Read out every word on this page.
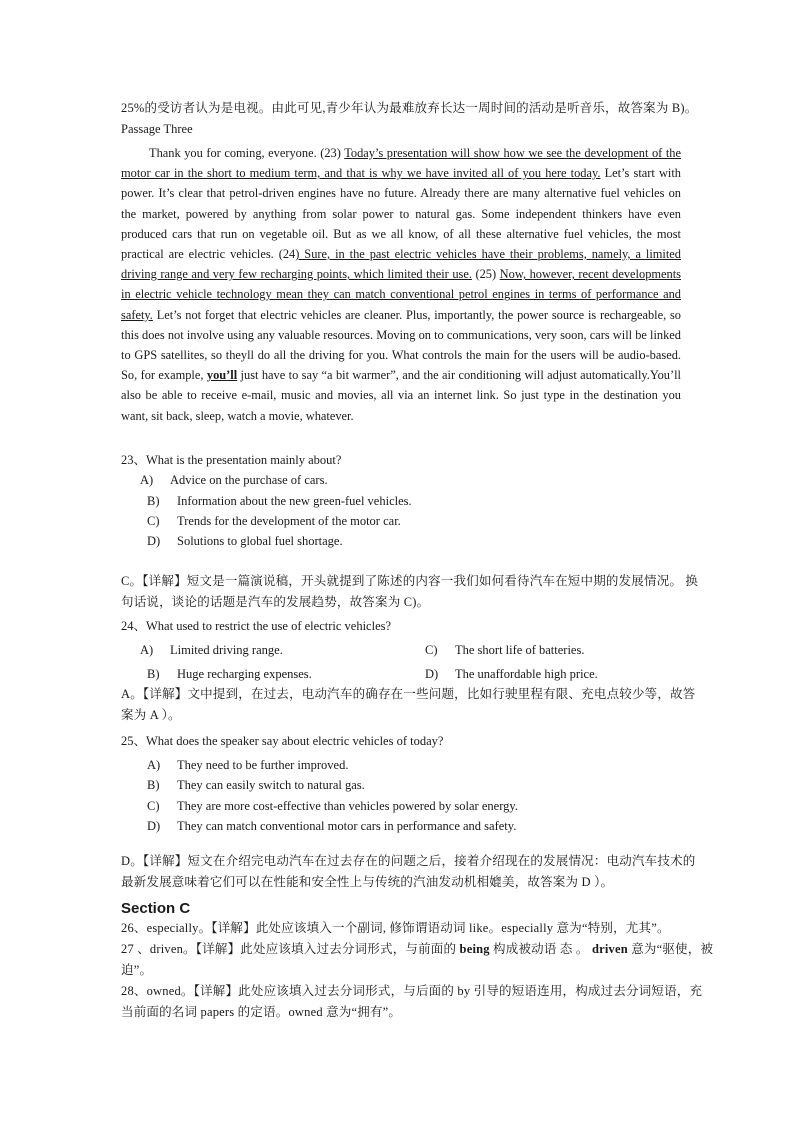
25%的受访者认为是电视。由此可见,青少年认为最难放弃长达一周时间的活动是听音乐，故答案为 B)。
Passage Three
Thank you for coming, everyone. (23) Today’s presentation will show how we see the development of the motor car in the short to medium term, and that is why we have invited all of you here today. Let’s start with power. It’s clear that petrol-driven engines have no future. Already there are many alternative fuel vehicles on the market, powered by anything from solar power to natural gas. Some independent thinkers have even produced cars that run on vegetable oil. But as we all know, of all these alternative fuel vehicles, the most practical are electric vehicles. (24) Sure, in the past electric vehicles have their problems, namely, a limited driving range and very few recharging points, which limited their use. (25) Now, however, recent developments in electric vehicle technology mean they can match conventional petrol engines in terms of performance and safety. Let’s not forget that electric vehicles are cleaner. Plus, importantly, the power source is rechargeable, so this does not involve using any valuable resources. Moving on to communications, very soon, cars will be linked to GPS satellites, so theyll do all the driving for you. What controls the main for the users will be audio-based. So, for example, you’ll just have to say “a bit warmer”, and the air conditioning will adjust automatically.You’ll also be able to receive e-mail, music and movies, all via an internet link. So just type in the destination you want, sit back, sleep, watch a movie, whatever.
23、What is the presentation mainly about?
A) Advice on the purchase of cars.
B) Information about the new green-fuel vehicles.
C) Trends for the development of the motor car.
D) Solutions to global fuel shortage.
C。【详解】短文是一篇演说稿，开头就提到了陈述的内容一我们如何看待汽车在短中期的发展情况。 换
句话说，谈论的话题是汽车的发展趋势，故答案为 C)。
24、What used to restrict the use of electric vehicles?
A) Limited driving range.	C) The short life of batteries.
B) Huge recharging expenses.	D) The unaffordable high price.
A。【详解】文中提到，在过去，电动汽车的确存在一些问题，比如行驶里程有限、充电点较少等，故答
案为 A ）。
25、What does the speaker say about electric vehicles of today?
A) They need to be further improved.
B) They can easily switch to natural gas.
C) They are more cost-effective than vehicles powered by solar energy.
D) They can match conventional motor cars in performance and safety.
D。【详解】短文在介绍完电动汽车在过去存在的问题之后，接着介绍现在的发展情况：电动汽车技术的
最新发展意味着它们可以在性能和安全性上与传统的汽油发动机相媲美，故答案为 D ）。
Section C
26、especially。【详解】此处应该填入一个副词, 修饰谓语动词 like。especially 意为“特别，尤其”。
27 、driven。【详解】此处应该填入过去分词形式，与前面的 being 构成被动语 态 。 driven 意为“驱使，被
迫”。
28、owned。【详解】此处应该填入过去分词形式，与后面的 by 引导的短语连用，构成过去分词短语，充
当前面的名词 papers 的定语。owned 意为“拥有”。
